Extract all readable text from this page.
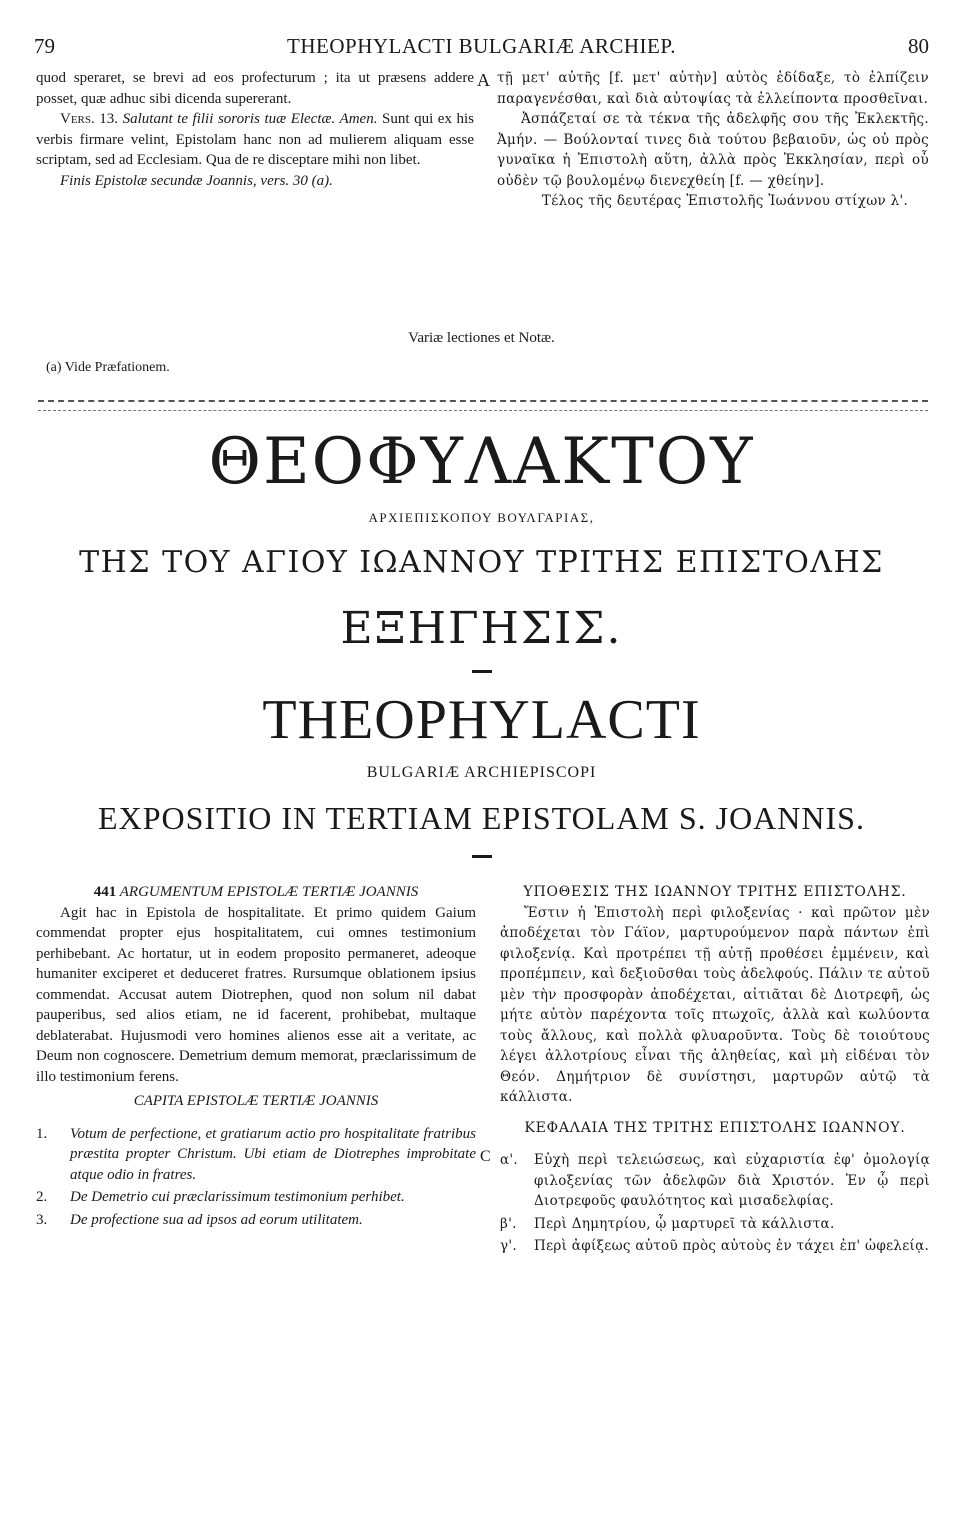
79	THEOPHYLACTI BULGARIÆ ARCHIEP.	80

quod speraret, se brevi ad eos profecturum ; ita ut præsens addere posset, quæ adhuc sibi dicenda supererant.

Vers. 13. Salutant te filii sororis tuæ Electæ. Amen. Sunt qui ex his verbis firmare velint, Epistolam hanc non ad mulierem aliquam esse scriptam, sed ad Ecclesiam. Qua de re disceptare mihi non libet.

Finis Epistolæ secundæ Joannis, vers. 30 (a).

A τῇ μετ' αὐτῆς [f. μετ' αὐτὴν] αὐτὸς ἐδίδαξε, τὸ ἐλπίζειν παραγενέσθαι, καὶ διὰ αὐτοψίας τὰ ἐλλείποντα προσθεῖναι.

Ἀσπάζεταί σε τὰ τέκνα τῆς ἀδελφῆς σου τῆς Ἐκλεκτῆς. Ἀμήν. — Βούλονταί τινες διὰ τούτου βεβαιοῦν, ὡς οὐ πρὸς γυναῖκα ἡ Ἐπιστολὴ αὕτη, ἀλλὰ πρὸς Ἐκκλησίαν, περὶ οὗ οὐδὲν τῷ βουλομένῳ διενεχθείη [f. — χθείην].

Τέλος τῆς δευτέρας Ἐπιστολῆς Ἰωάννου στίχων λ'.

Variæ lectiones et Notæ.
(a) Vide Præfationem.
ΘΕΟΦΥΛΑΚΤΟΥ
ΑΡΧΙΕΠΙΣΚΟΠΟΥ ΒΟΥΛΓΑΡΙΑΣ,
ΤΗΣ ΤΟΥ ΑΓΙΟΥ ΙΩΑΝΝΟΥ ΤΡΙΤΗΣ ΕΠΙΣΤΟΛΗΣ
ΕΞΗΓΗΣΙΣ.
THEOPHYLACTI
BULGARIÆ ARCHIEPISCOPI
EXPOSITIO IN TERTIAM EPISTOLAM S. JOANNIS.

441 ARGUMENTUM EPISTOLÆ TERTIÆ JOANNIS

Agit hac in Epistola de hospitalitate. Et primo quidem Gaium commendat propter ejus hospitalitatem, cui omnes testimonium perhibebant. Ac hortatur, ut in eodem proposito permaneret, adeoque humaniter exciperet et deduceret fratres. Rursumque oblationem ipsius commendat. Accusat autem Diotrephen, quod non solum nil dabat pauperibus, sed alios etiam, ne id facerent, prohibebat, multaque deblaterabat. Hujusmodi vero homines alienos esse ait a veritate, ac Deum non cognoscere. Demetrium demum memorat, præclarissimum de illo testimonium ferens.

CAPITA EPISTOLÆ TERTIÆ JOANNIS

1. Votum de perfectione, et gratiarum actio pro hospitalitate fratribus præstita propter Christum. Ubi etiam de Diotrephes improbitate atque odio in fratres.

2. De Demetrio cui præclarissimum testimonium perhibet.

3. De profectione sua ad ipsos ad eorum utilitatem.

C

ΥΠΟΘΕΣΙΣ ΤΗΣ ΙΩΑΝΝΟΥ ΤΡΙΤΗΣ ΕΠΙΣΤΟΛΗΣ.

Ἔστιν ἡ Ἐπιστολὴ περὶ φιλοξενίας · καὶ πρῶτον μὲν ἀποδέχεται τὸν Γάϊον, μαρτυρούμενον παρὰ πάντων ἐπὶ φιλοξενίᾳ. Καὶ προτρέπει τῇ αὐτῇ προθέσει ἐμμένειν, καὶ προπέμπειν, καὶ δεξιοῦσθαι τοὺς ἀδελφούς. Πάλιν τε αὐτοῦ μὲν τὴν προσφορὰν ἀποδέχεται, αἰτιᾶται δὲ Διοτρεφῆ, ὡς μήτε αὐτὸν παρέχοντα τοῖς πτωχοῖς, ἀλλὰ καὶ κωλύοντα τοὺς ἄλλους, καὶ πολλὰ φλυαροῦντα. Τοὺς δὲ τοιούτους λέγει ἀλλοτρίους εἶναι τῆς ἀληθείας, καὶ μὴ εἰδέναι τὸν Θεόν. Δημήτριον δὲ συνίστησι, μαρτυρῶν αὐτῷ τὰ κάλλιστα.

ΚΕΦΑΛΑΙΑ ΤΗΣ ΤΡΙΤΗΣ ΕΠΙΣΤΟΛΗΣ ΙΩΑΝΝΟΥ.

α'. Εὐχὴ περὶ τελειώσεως, καὶ εὐχαριστία ἐφ' ὁμολογίᾳ φιλοξενίας τῶν ἀδελφῶν διὰ Χριστόν. Ἐν ᾧ περὶ Διοτρεφοῦς φαυλότητος καὶ μισαδελφίας.

β'. Περὶ Δημητρίου, ᾧ μαρτυρεῖ τὰ κάλλιστα.

γ'. Περὶ ἀφίξεως αὐτοῦ πρὸς αὐτοὺς ἐν τάχει ἐπ' ὠφελείᾳ.
